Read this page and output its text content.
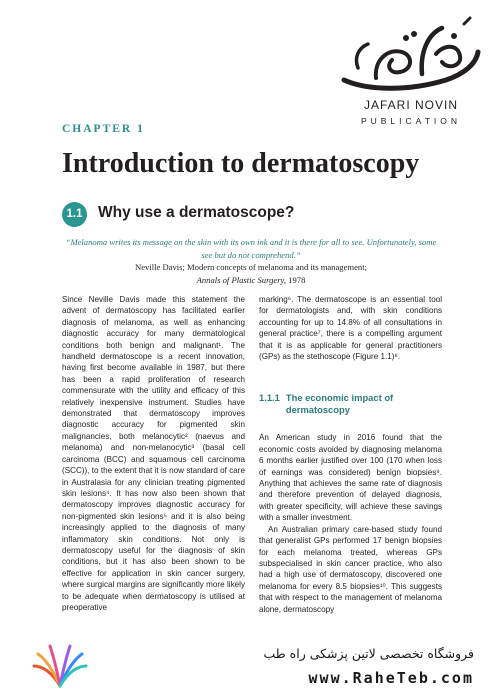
JAFARI NOVIN
PUBLICATION
CHAPTER 1
Introduction to dermatoscopy
1.1 Why use a dermatoscope?
“Melanoma writes its message on the skin with its own ink and it is there for all to see. Unfortunately, some see but do not comprehend.”
Neville Davis; Modern concepts of melanoma and its management;
Annals of Plastic Surgery, 1978

Since Neville Davis made this statement the advent of dermatoscopy has facilitated earlier diagnosis of melanoma, as well as enhancing diagnostic accuracy for many dermatological conditions both benign and malignant¹. The handheld dermatoscope is a recent innovation, having first become available in 1987, but there has been a rapid proliferation of research commensurate with the utility and efficacy of this relatively inexpensive instrument. Studies have demonstrated that dermatoscopy improves diagnostic accuracy for pigmented skin malignancies, both melanocytic² (naevus and melanoma) and non-melanocytic³ (basal cell carcinoma (BCC) and squamous cell carcinoma (SCC)), to the extent that it is now standard of care in Australasia for any clinician treating pigmented skin lesions⁴. It has now also been shown that dermatoscopy improves diagnostic accuracy for non-pigmented skin lesions⁵ and it is also being increasingly applied to the diagnosis of many inflammatory skin conditions. Not only is dermatoscopy useful for the diagnosis of skin conditions, but it has also been shown to be effective for application in skin cancer surgery, where surgical margins are significantly more likely to be adequate when dermatoscopy is utilised at preoperative

marking⁶. The dermatoscope is an essential tool for dermatologists and, with skin conditions accounting for up to 14.8% of all consultations in general practice⁷, there is a compelling argument that it is as applicable for general practitioners (GPs) as the stethoscope (Figure 1.1)⁸.

1.1.1 The economic impact of dermatoscopy

An American study in 2016 found that the economic costs avoided by diagnosing melanoma 6 months earlier justified over 100 (170 when loss of earnings was considered) benign biopsies⁹. Anything that achieves the same rate of diagnosis and therefore prevention of delayed diagnosis, with greater specificity, will achieve these savings with a smaller investment.

An Australian primary care-based study found that generalist GPs performed 17 benign biopsies for each melanoma treated, whereas GPs subspecialised in skin cancer practice, who also had a high use of dermatoscopy, discovered one melanoma for every 8.5 biopsies¹⁰. This suggests that with respect to the management of melanoma alone, dermatoscopy

فروشگاه تخصصی لاتین پزشکی راه طب
www.RaheTeb.com
